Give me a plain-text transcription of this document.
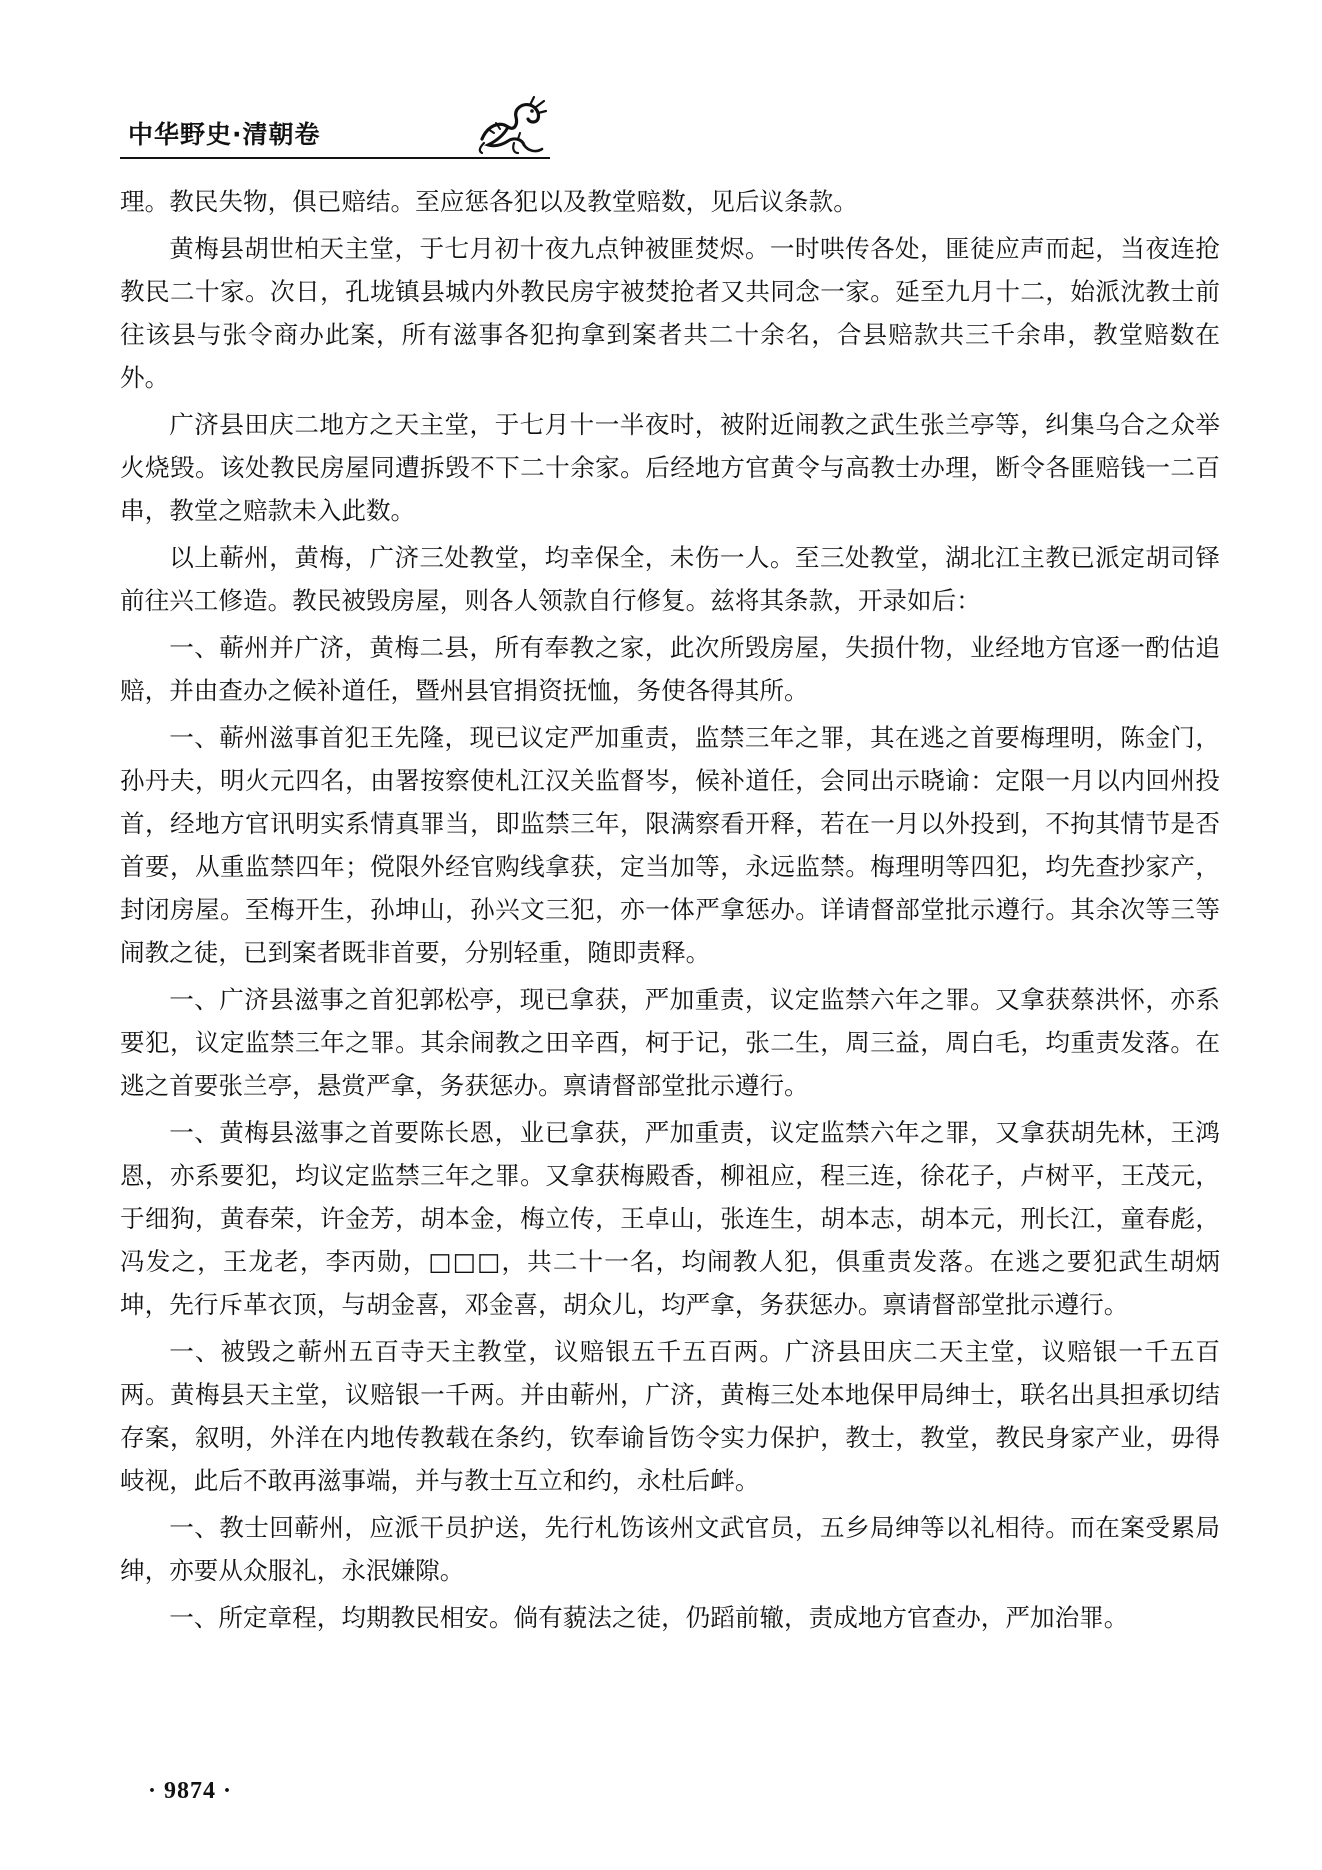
中华野史·清朝卷

理。教民失物，俱已赔结。至应惩各犯以及教堂赔数，见后议条款。

黄梅县胡世柏天主堂，于七月初十夜九点钟被匪焚烬。一时哄传各处，匪徒应声而起，当夜连抢教民二十家。次日，孔垅镇县城内外教民房宇被焚抢者又共同念一家。延至九月十二，始派沈教士前往该县与张令商办此案，所有滋事各犯拘拿到案者共二十余名，合县赔款共三千余串，教堂赔数在外。

广济县田庆二地方之天主堂，于七月十一半夜时，被附近闹教之武生张兰亭等，纠集乌合之众举火烧毁。该处教民房屋同遭拆毁不下二十余家。后经地方官黄令与高教士办理，断令各匪赔钱一二百串，教堂之赔款未入此数。

以上蕲州，黄梅，广济三处教堂，均幸保全，未伤一人。至三处教堂，湖北江主教已派定胡司铎前往兴工修造。教民被毁房屋，则各人领款自行修复。兹将其条款，开录如后：

一、蕲州并广济，黄梅二县，所有奉教之家，此次所毁房屋，失损什物，业经地方官逐一酌估追赔，并由查办之候补道任，暨州县官捐资抚恤，务使各得其所。

一、蕲州滋事首犯王先隆，现已议定严加重责，监禁三年之罪，其在逃之首要梅理明，陈金门，孙丹夫，明火元四名，由署按察使札江汉关监督岑，候补道任，会同出示晓谕：定限一月以内回州投首，经地方官讯明实系情真罪当，即监禁三年，限满察看开释，若在一月以外投到，不拘其情节是否首要，从重监禁四年；傥限外经官购线拿获，定当加等，永远监禁。梅理明等四犯，均先查抄家产，封闭房屋。至梅开生，孙坤山，孙兴文三犯，亦一体严拿惩办。详请督部堂批示遵行。其余次等三等闹教之徒，已到案者既非首要，分别轻重，随即责释。

一、广济县滋事之首犯郭松亭，现已拿获，严加重责，议定监禁六年之罪。又拿获蔡洪怀，亦系要犯，议定监禁三年之罪。其余闹教之田辛酉，柯于记，张二生，周三益，周白毛，均重责发落。在逃之首要张兰亭，悬赏严拿，务获惩办。禀请督部堂批示遵行。

一、黄梅县滋事之首要陈长恩，业已拿获，严加重责，议定监禁六年之罪，又拿获胡先林，王鸿恩，亦系要犯，均议定监禁三年之罪。又拿获梅殿香，柳祖应，程三连，徐花子，卢树平，王茂元，于细狗，黄春荣，许金芳，胡本金，梅立传，王卓山，张连生，胡本志，胡本元，刑长江，童春彪，冯发之，王龙老，李丙勋，□□□，共二十一名，均闹教人犯，俱重责发落。在逃之要犯武生胡炳坤，先行斥革衣顶，与胡金喜，邓金喜，胡众儿，均严拿，务获惩办。禀请督部堂批示遵行。

一、被毁之蕲州五百寺天主教堂，议赔银五千五百两。广济县田庆二天主堂，议赔银一千五百两。黄梅县天主堂，议赔银一千两。并由蕲州，广济，黄梅三处本地保甲局绅士，联名出具担承切结存案，叙明，外洋在内地传教载在条约，钦奉谕旨饬令实力保护，教士，教堂，教民身家产业，毋得岐视，此后不敢再滋事端，并与教士互立和约，永杜后衅。

一、教士回蕲州，应派干员护送，先行札饬该州文武官员，五乡局绅等以礼相待。而在案受累局绅，亦要从众服礼，永泯嫌隙。

一、所定章程，均期教民相安。倘有藐法之徒，仍蹈前辙，责成地方官查办，严加治罪。

· 9874 ·
